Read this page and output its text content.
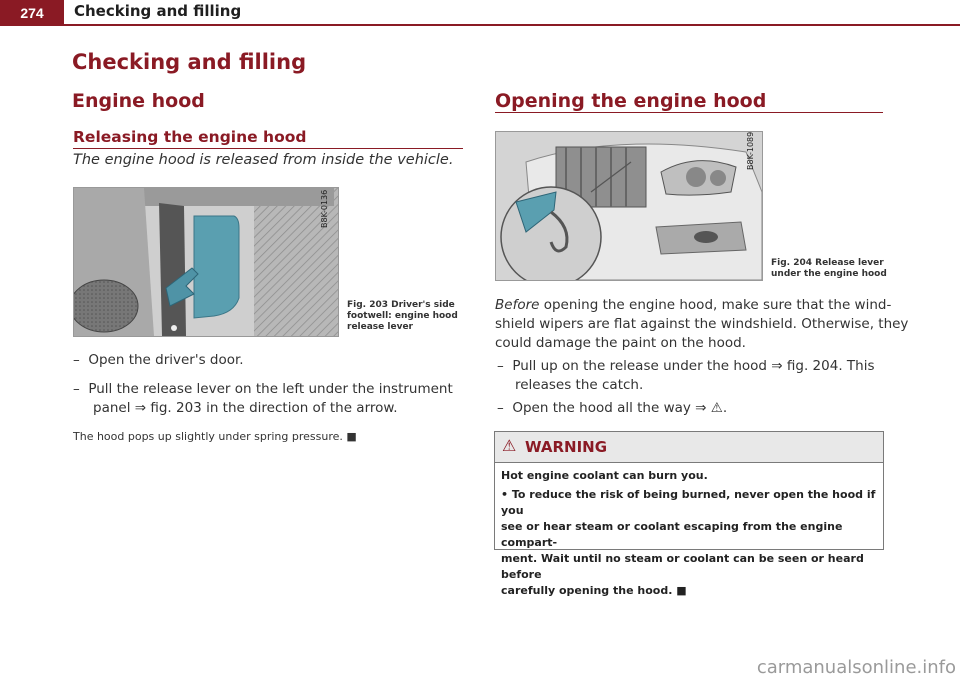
274	Checking and filling
Checking and filling
Engine hood
Releasing the engine hood
The engine hood is released from inside the vehicle.
B8K-0136
Fig. 203 Driver's side
footwell: engine hood
release lever
– Open the driver's door.
– Pull the release lever on the left under the instrument
panel ⇒ fig. 203 in the direction of the arrow.
The hood pops up slightly under spring pressure. ■
Opening the engine hood
B8K-1089
Fig. 204 Release lever
under the engine hood
Before opening the engine hood, make sure that the wind-
shield wipers are flat against the windshield. Otherwise, they
could damage the paint on the hood.
– Pull up on the release under the hood ⇒ fig. 204. This
releases the catch.
– Open the hood all the way ⇒ ⚠.
⚠ WARNING
Hot engine coolant can burn you.
• To reduce the risk of being burned, never open the hood if you
see or hear steam or coolant escaping from the engine compart-
ment. Wait until no steam or coolant can be seen or heard before
carefully opening the hood. ■
carmanualsonline.info
